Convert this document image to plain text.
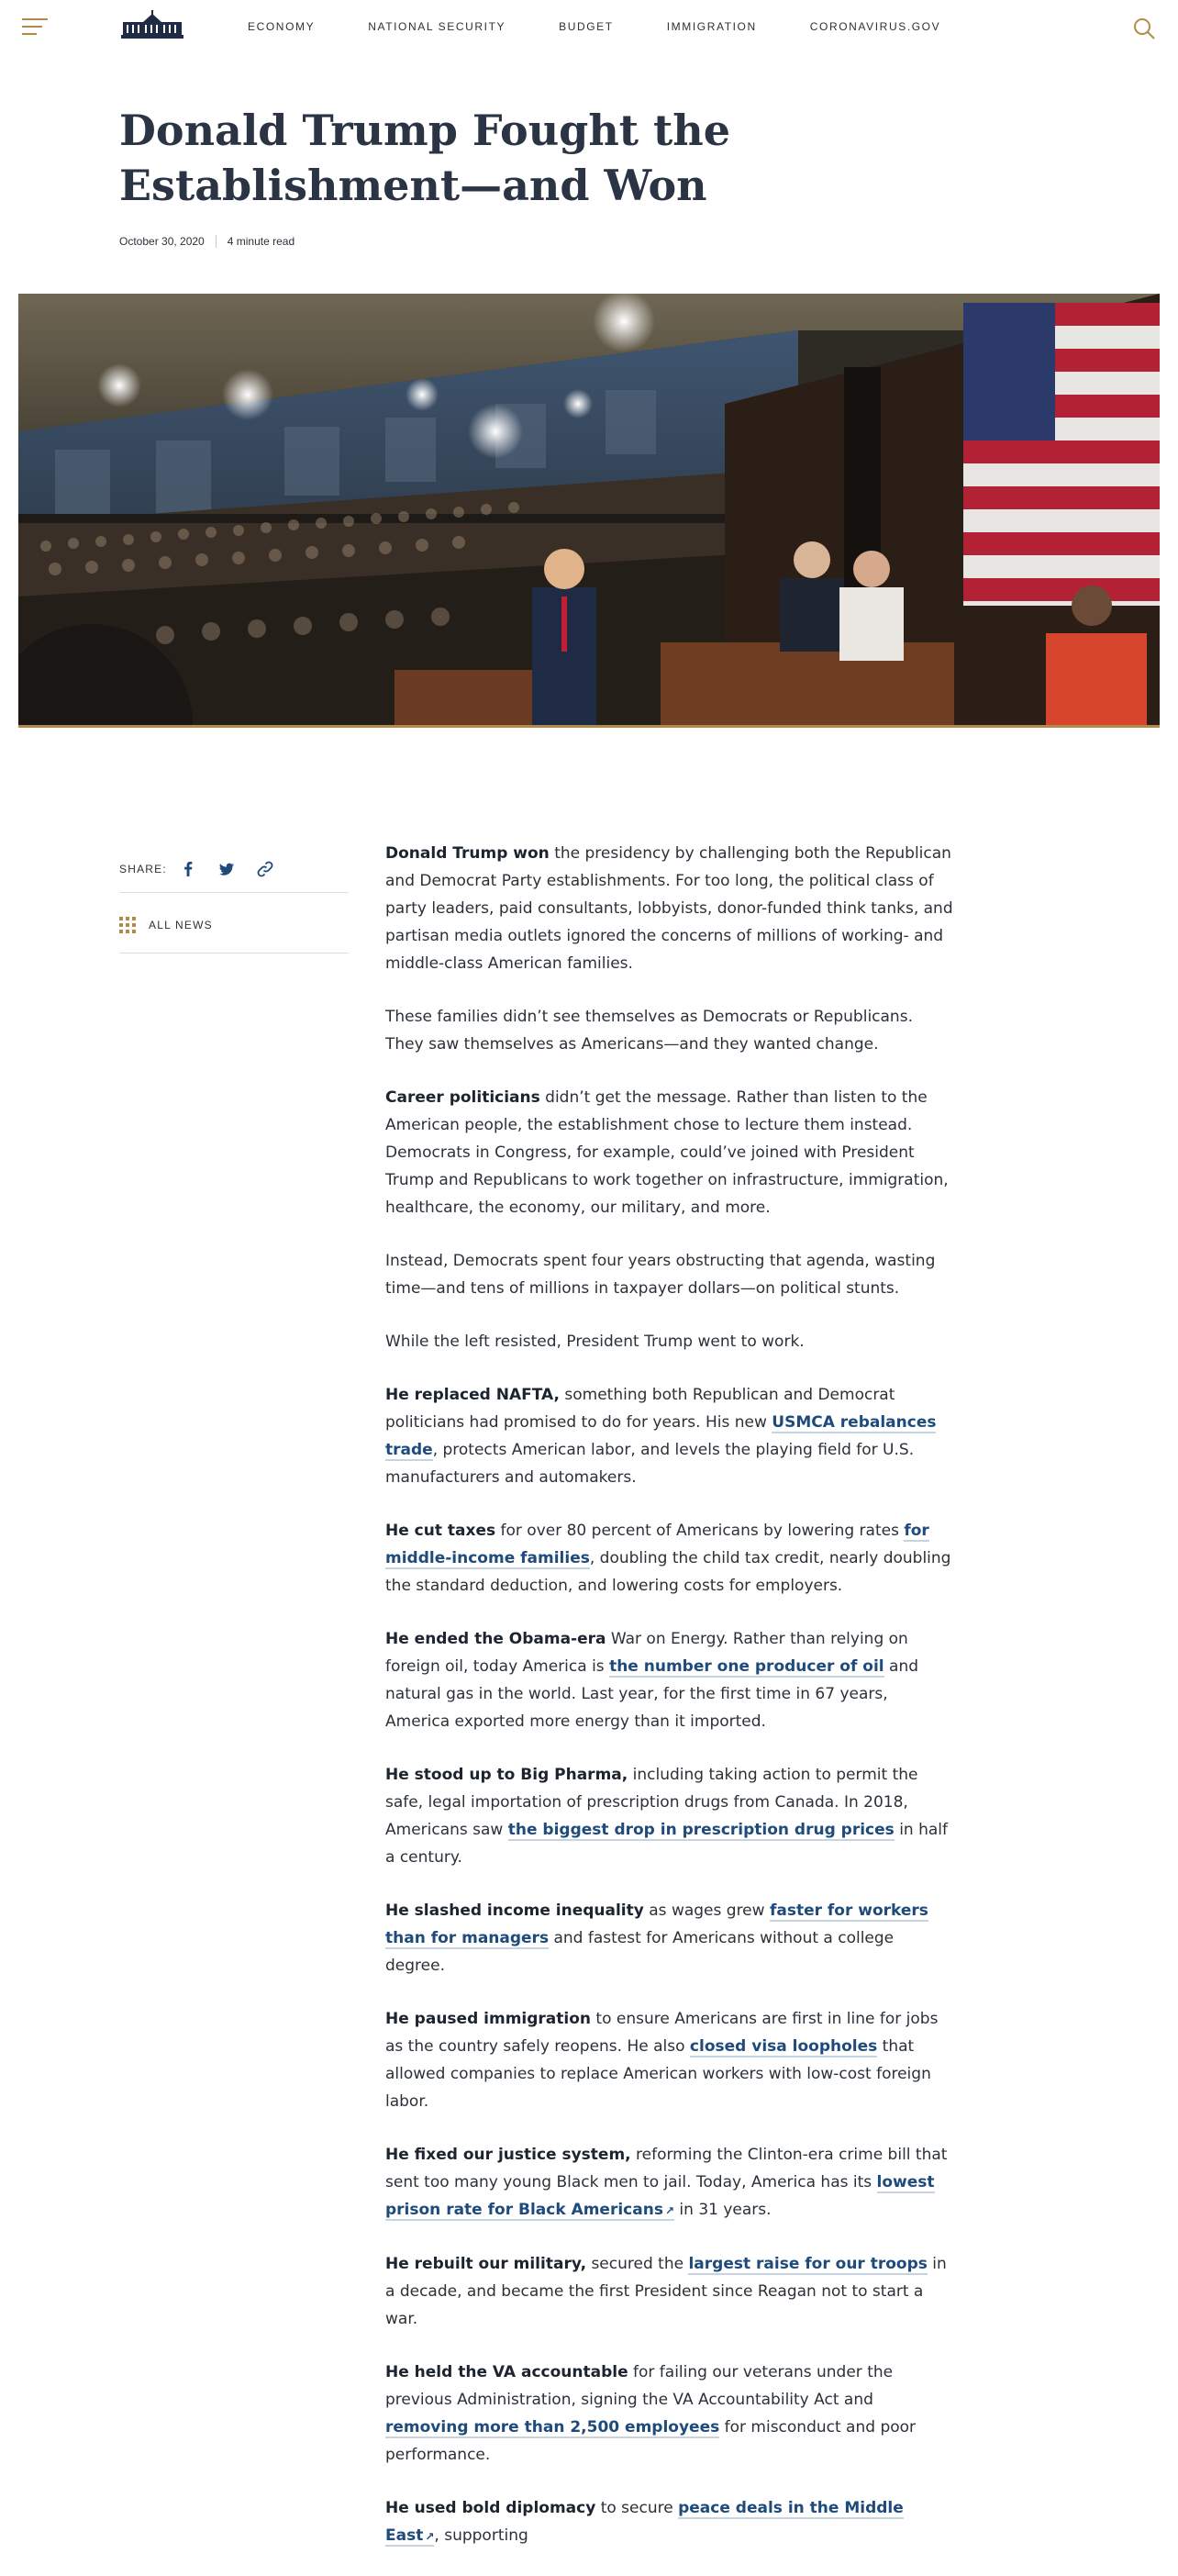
ECONOMY	NATIONAL SECURITY	BUDGET	IMMIGRATION	CORONAVIRUS.GOV
Donald Trump Fought the Establishment—and Won
October 30, 2020 4 minute read
SHARE:
ALL NEWS

Donald Trump won the presidency by challenging both the Republican and Democrat Party establishments. For too long, the political class of party leaders, paid consultants, lobbyists, donor-funded think tanks, and partisan media outlets ignored the concerns of millions of working- and middle-class American families.

These families didn’t see themselves as Democrats or Republicans. They saw themselves as Americans—and they wanted change.

Career politicians didn’t get the message. Rather than listen to the American people, the establishment chose to lecture them instead. Democrats in Congress, for example, could’ve joined with President Trump and Republicans to work together on infrastructure, immigration, healthcare, the economy, our military, and more.

Instead, Democrats spent four years obstructing that agenda, wasting time—and tens of millions in taxpayer dollars—on political stunts.

While the left resisted, President Trump went to work.

He replaced NAFTA, something both Republican and Democrat politicians had promised to do for years. His new USMCA rebalances trade, protects American labor, and levels the playing field for U.S. manufacturers and automakers.

He cut taxes for over 80 percent of Americans by lowering rates for middle-income families, doubling the child tax credit, nearly doubling the standard deduction, and lowering costs for employers.

He ended the Obama-era War on Energy. Rather than relying on foreign oil, today America is the number one producer of oil and natural gas in the world. Last year, for the first time in 67 years, America exported more energy than it imported.

He stood up to Big Pharma, including taking action to permit the safe, legal importation of prescription drugs from Canada. In 2018, Americans saw the biggest drop in prescription drug prices in half a century.

He slashed income inequality as wages grew faster for workers than for managers and fastest for Americans without a college degree.

He paused immigration to ensure Americans are first in line for jobs as the country safely reopens. He also closed visa loopholes that allowed companies to replace American workers with low-cost foreign labor.

He fixed our justice system, reforming the Clinton-era crime bill that sent too many young Black men to jail. Today, America has its lowest prison rate for Black Americans ↗ in 31 years.

He rebuilt our military, secured the largest raise for our troops in a decade, and became the first President since Reagan not to start a war.

He held the VA accountable for failing our veterans under the previous Administration, signing the VA Accountability Act and removing more than 2,500 employees for misconduct and poor performance.

He used bold diplomacy to secure peace deals in the Middle East ↗, supporting
